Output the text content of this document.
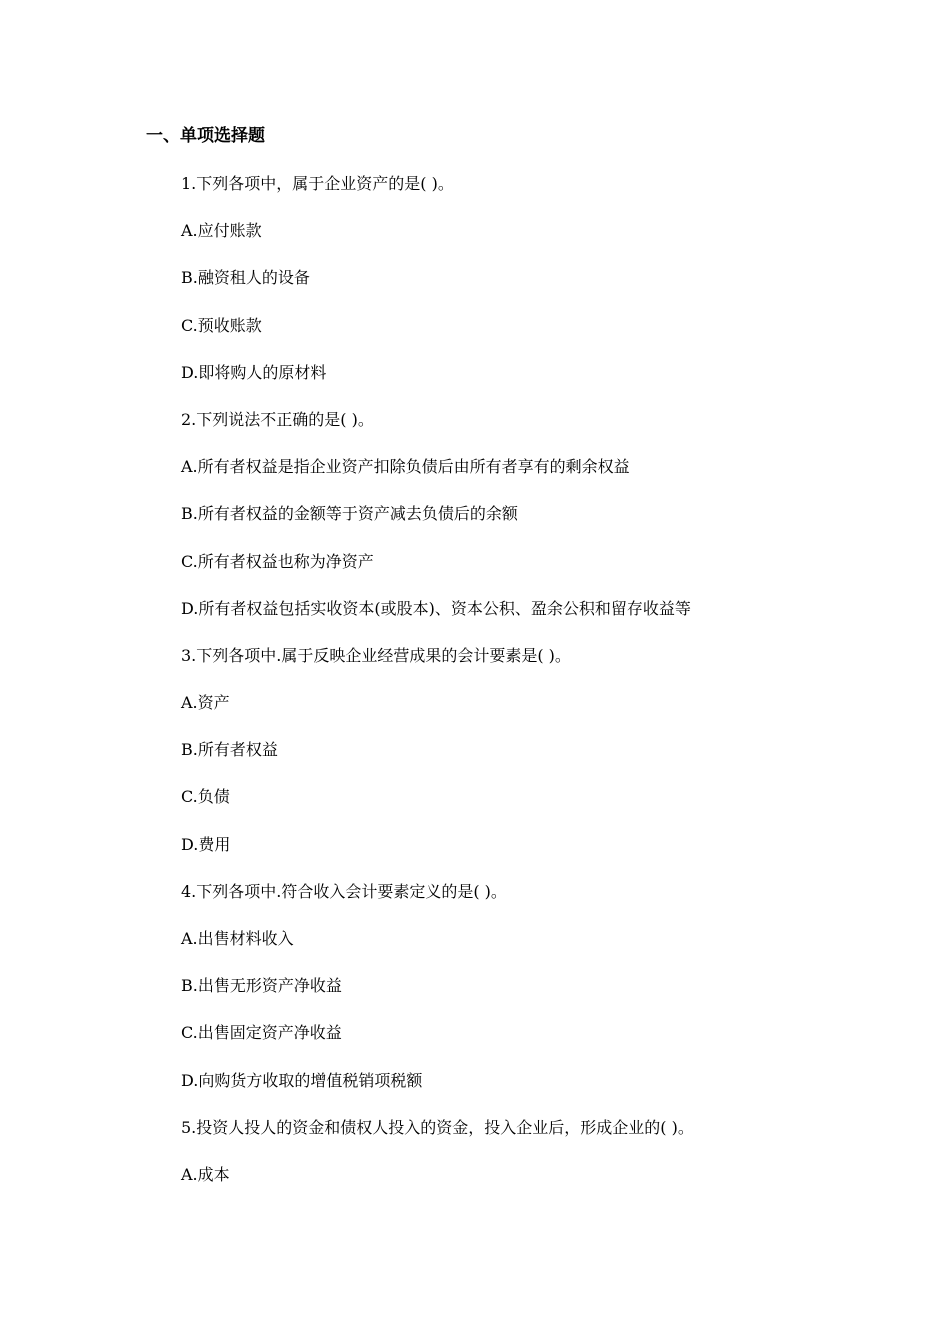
一、单项选择题
1.下列各项中，属于企业资产的是( )。
A.应付账款
B.融资租人的设备
C.预收账款
D.即将购人的原材料
2.下列说法不正确的是( )。
A.所有者权益是指企业资产扣除负债后由所有者享有的剩余权益
B.所有者权益的金额等于资产减去负债后的余额
C.所有者权益也称为净资产
D.所有者权益包括实收资本(或股本)、资本公积、盈余公积和留存收益等
3.下列各项中.属于反映企业经营成果的会计要素是( )。
A.资产
B.所有者权益
C.负债
D.费用
4.下列各项中.符合收入会计要素定义的是( )。
A.出售材料收入
B.出售无形资产净收益
C.出售固定资产净收益
D.向购货方收取的增值税销项税额
5.投资人投人的资金和债权人投入的资金，投入企业后，形成企业的( )。
A.成本
